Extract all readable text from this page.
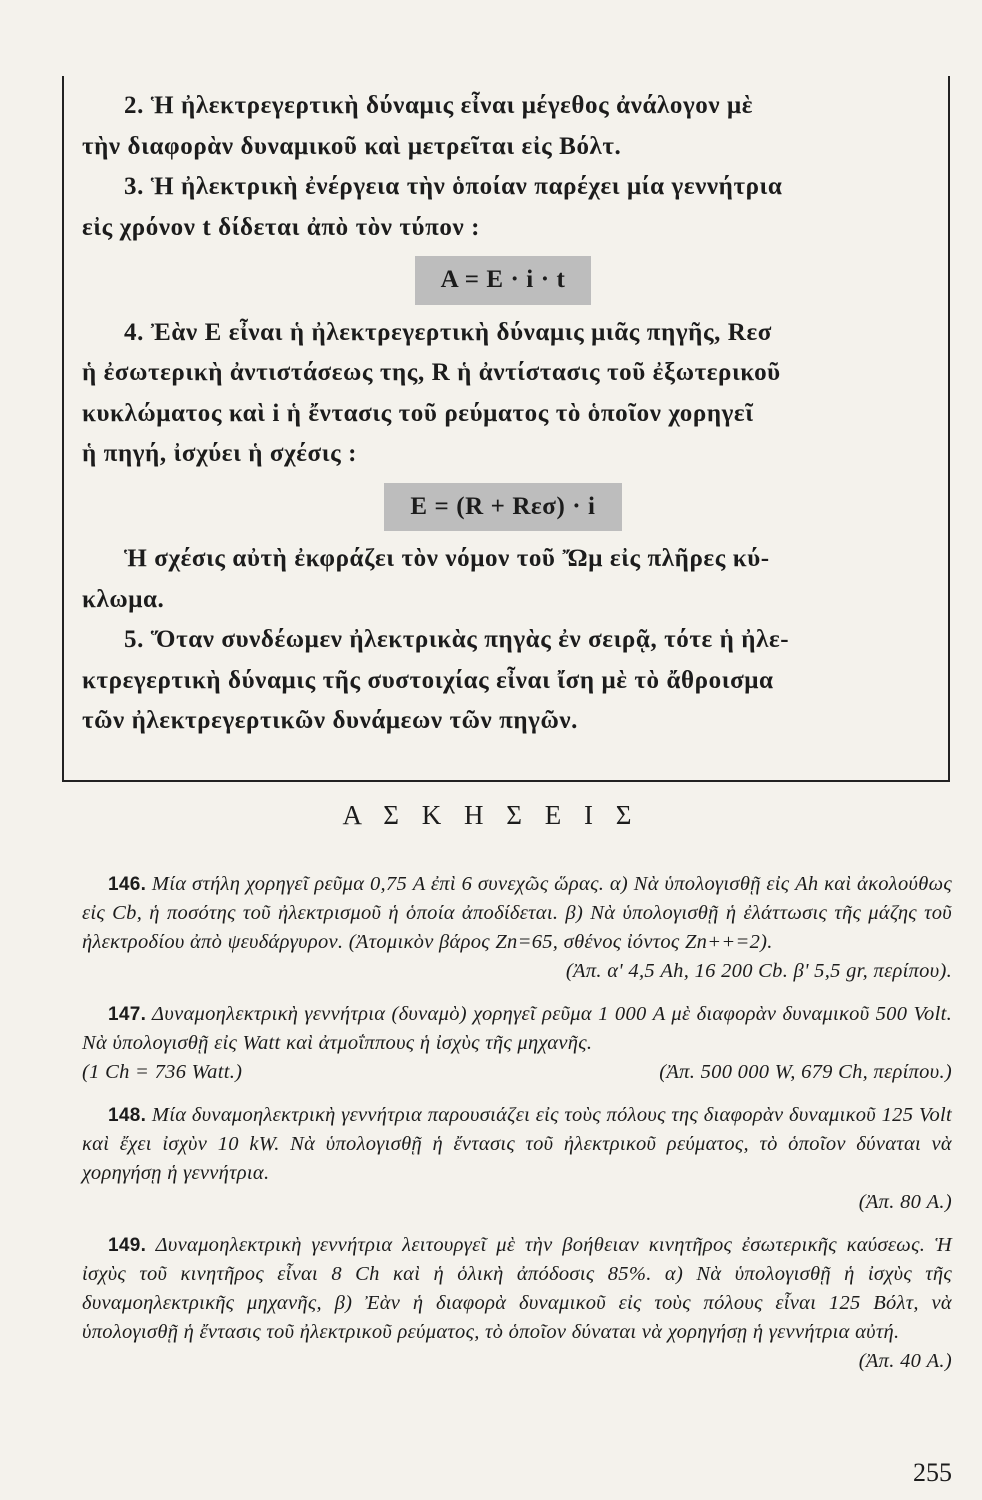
2. Ἡ ἠλεκτρεγερτικὴ δύναμις εἶναι μέγεθος ἀνάλογον μὲ

τὴν διαφορὰν δυναμικοῦ καὶ μετρεῖται εἰς Βόλτ.

3. Ἡ ἠλεκτρικὴ ἐνέργεια τὴν ὁποίαν παρέχει μία γεννήτρια

εἰς χρόνον t δίδεται ἀπὸ τὸν τύπον :

A = E · i · t

4. Ἐὰν E εἶναι ἡ ἠλεκτρεγερτικὴ δύναμις μιᾶς πηγῆς, Rεσ

ἡ ἐσωτερικὴ ἀντιστάσεως της, R ἡ ἀντίστασις τοῦ ἐξωτερικοῦ

κυκλώματος καὶ i ἡ ἔντασις τοῦ ρεύματος τὸ ὁποῖον χορηγεῖ

ἡ πηγή, ἰσχύει ἡ σχέσις :

E = (R + Rεσ) · i

Ἡ σχέσις αὐτὴ ἐκφράζει τὸν νόμον τοῦ Ὤμ εἰς πλῆρες κύ-

κλωμα.

5. Ὅταν συνδέωμεν ἠλεκτρικὰς πηγὰς ἐν σειρᾷ, τότε ἡ ἠλε-

κτρεγερτικὴ δύναμις τῆς συστοιχίας εἶναι ἴση μὲ τὸ ἄθροισμα

τῶν ἠλεκτρεγερτικῶν δυνάμεων τῶν πηγῶν.

Α Σ Κ Η Σ Ε Ι Σ

146. Μία στήλη χορηγεῖ ρεῦμα 0,75 A ἐπὶ 6 συνεχῶς ὥρας. α) Νὰ ὑπολογισθῇ εἰς Ah καὶ ἀκολούθως εἰς Cb, ἡ ποσότης τοῦ ἠλεκτρισμοῦ ἡ ὁποία ἀποδίδεται. β) Νὰ ὑπολογισθῇ ἡ ἐλάττωσις τῆς μάζης τοῦ ἠλεκτροδίου ἀπὸ ψευδάργυρον. (Ἀτομικὸν βάρος Zn=65, σθένος ἰόντος Zn++=2).
(Ἀπ. α' 4,5 Ah, 16 200 Cb. β' 5,5 gr, περίπου).

147. Δυναμοηλεκτρικὴ γεννήτρια (δυναμὸ) χορηγεῖ ρεῦμα 1 000 A μὲ διαφορὰν δυναμικοῦ 500 Volt. Νὰ ὑπολογισθῇ εἰς Watt καὶ ἀτμοΐππους ἡ ἰσχὺς τῆς μηχανῆς.
(1 Ch = 736 Watt.)	(Ἀπ. 500 000 W, 679 Ch, περίπου.)

148. Μία δυναμοηλεκτρικὴ γεννήτρια παρουσιάζει εἰς τοὺς πόλους της διαφορὰν δυναμικοῦ 125 Volt καὶ ἔχει ἰσχὺν 10 kW. Νὰ ὑπολογισθῇ ἡ ἔντασις τοῦ ἠλεκτρικοῦ ρεύματος, τὸ ὁποῖον δύναται νὰ χορηγήσῃ ἡ γεννήτρια.
(Ἀπ. 80 A.)

149. Δυναμοηλεκτρικὴ γεννήτρια λειτουργεῖ μὲ τὴν βοήθειαν κινητῆρος ἐσωτερικῆς καύσεως. Ἡ ἰσχὺς τοῦ κινητῆρος εἶναι 8 Ch καὶ ἡ ὁλικὴ ἀπόδοσις 85%. α) Νὰ ὑπολογισθῇ ἡ ἰσχὺς τῆς δυναμοηλεκτρικῆς μηχανῆς, β) Ἐὰν ἡ διαφορὰ δυναμικοῦ εἰς τοὺς πόλους εἶναι 125 Βόλτ, νὰ ὑπολογισθῇ ἡ ἔντασις τοῦ ἠλεκτρικοῦ ρεύματος, τὸ ὁποῖον δύναται νὰ χορηγήσῃ ἡ γεννήτρια αὐτή.
(Ἀπ. 40 A.)

255
